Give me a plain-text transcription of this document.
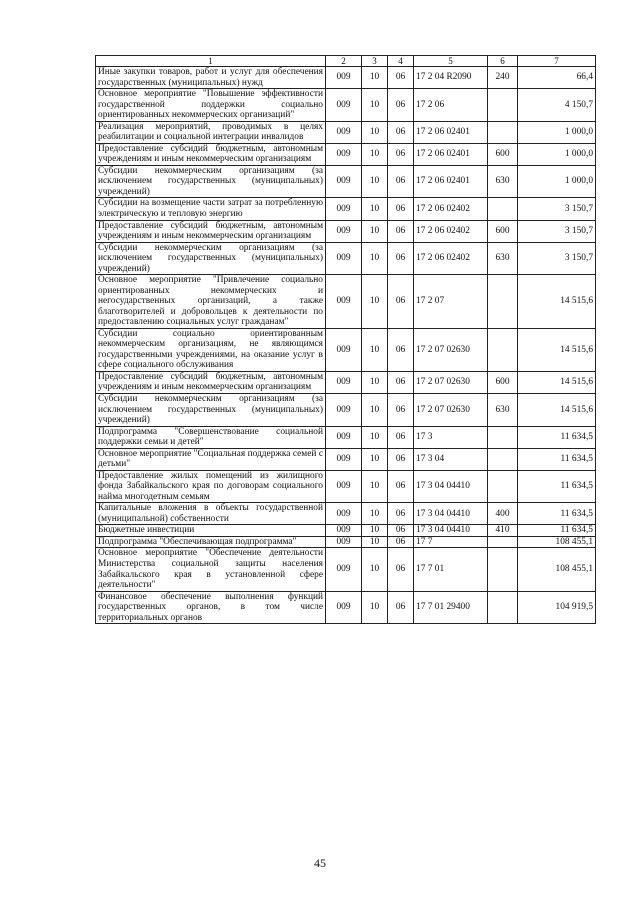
1	2	3	4	5	6	7
Иные закупки товаров, работ и услуг для обеспечения государственных (муниципальных) нужд	009	10	06	17 2 04 R2090	240	66,4
Основное мероприятие "Повышение эффективности государственной поддержки социально ориентированных некоммерческих организаций"	009	10	06	17 2 06		4 150,7
Реализация мероприятий, проводимых в целях реабилитации и социальной интеграции инвалидов	009	10	06	17 2 06 02401		1 000,0
Предоставление субсидий бюджетным, автономным учреждениям и иным некоммерческим организациям	009	10	06	17 2 06 02401	600	1 000,0
Субсидии некоммерческим организациям (за исключением государственных (муниципальных) учреждений)	009	10	06	17 2 06 02401	630	1 000,0
Субсидии на возмещение части затрат за потребленную электрическую и тепловую энергию	009	10	06	17 2 06 02402		3 150,7
Предоставление субсидий бюджетным, автономным учреждениям и иным некоммерческим организациям	009	10	06	17 2 06 02402	600	3 150,7
Субсидии некоммерческим организациям (за исключением государственных (муниципальных) учреждений)	009	10	06	17 2 06 02402	630	3 150,7
Основное мероприятие "Привлечение социально ориентированных некоммерческих и негосударственных организаций, а также благотворителей и добровольцев к деятельности по предоставлению социальных услуг гражданам"	009	10	06	17 2 07		14 515,6
Субсидии социально ориентированным некоммерческим организациям, не являющимся государственными учреждениями, на оказание услуг в сфере социального обслуживания	009	10	06	17 2 07 02630		14 515,6
Предоставление субсидий бюджетным, автономным учреждениям и иным некоммерческим организациям	009	10	06	17 2 07 02630	600	14 515,6
Субсидии некоммерческим организациям (за исключением государственных (муниципальных) учреждений)	009	10	06	17 2 07 02630	630	14 515,6
Подпрограмма "Совершенствование социальной поддержки семьи и детей"	009	10	06	17 3		11 634,5
Основное мероприятие "Социальная поддержка семей с детьми"	009	10	06	17 3 04		11 634,5
Предоставление жилых помещений из жилищного фонда Забайкальского края по договорам социального найма многодетным семьям	009	10	06	17 3 04 04410		11 634,5
Капитальные вложения в объекты государственной (муниципальной) собственности	009	10	06	17 3 04 04410	400	11 634,5
Бюджетные инвестиции	009	10	06	17 3 04 04410	410	11 634,5
Подпрограмма "Обеспечивающая подпрограмма"	009	10	06	17 7		108 455,1
Основное мероприятие "Обеспечение деятельности Министерства социальной защиты населения Забайкальского края в установленной сфере деятельности"	009	10	06	17 7 01		108 455,1
Финансовое обеспечение выполнения функций государственных органов, в том числе территориальных органов	009	10	06	17 7 01 29400		104 919,5
45
